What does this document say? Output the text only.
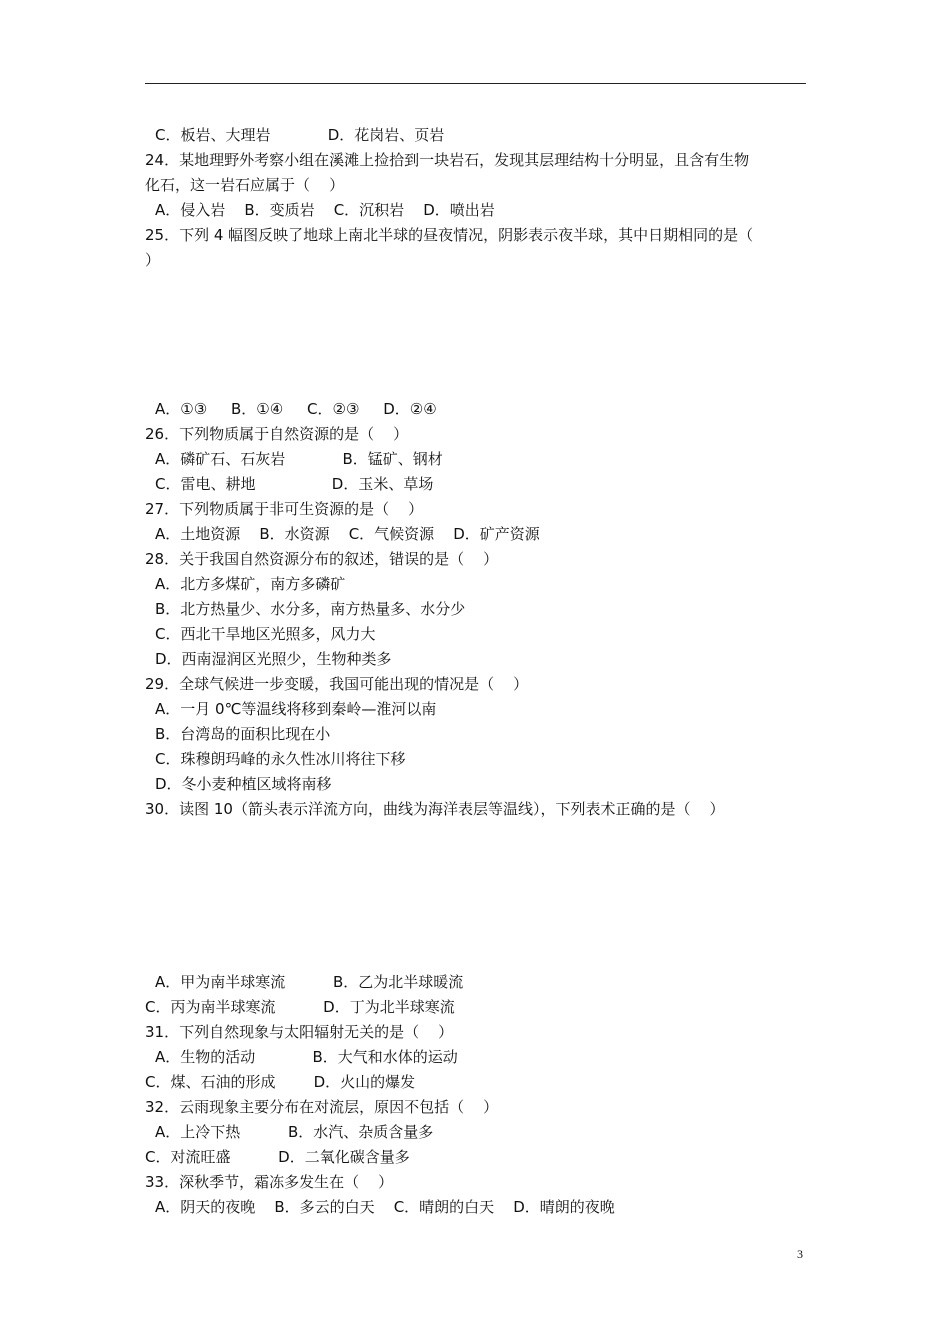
C．板岩、大理岩            D．花岗岩、页岩
24．某地理野外考察小组在溪滩上捡拾到一块岩石，发现其层理结构十分明显，且含有生物
化石，这一岩石应属于（    ）
A．侵入岩    B．变质岩    C．沉积岩    D．喷出岩
25．下列 4 幅图反映了地球上南北半球的昼夜情况，阴影表示夜半球，其中日期相同的是（
）
A．①③     B．①④     C．②③     D．②④
26．下列物质属于自然资源的是（    ）
A．磷矿石、石灰岩            B．锰矿、钢材
C．雷电、耕地                D．玉米、草场
27．下列物质属于非可生资源的是（    ）
A．土地资源    B．水资源    C．气候资源    D．矿产资源
28．关于我国自然资源分布的叙述，错误的是（    ）
A．北方多煤矿，南方多磷矿
B．北方热量少、水分多，南方热量多、水分少
C．西北干旱地区光照多，风力大
D．西南湿润区光照少，生物种类多
29．全球气候进一步变暖，我国可能出现的情况是（    ）
A．一月 0℃等温线将移到秦岭—淮河以南
B．台湾岛的面积比现在小
C．珠穆朗玛峰的永久性冰川将往下移
D．冬小麦种植区域将南移
30．读图 10（箭头表示洋流方向，曲线为海洋表层等温线），下列表术正确的是（    ）
A．甲为南半球寒流          B．乙为北半球暖流
C．丙为南半球寒流          D．丁为北半球寒流
31．下列自然现象与太阳辐射无关的是（    ）
A．生物的活动            B．大气和水体的运动
C．煤、石油的形成        D．火山的爆发
32．云雨现象主要分布在对流层，原因不包括（    ）
A．上冷下热          B．水汽、杂质含量多
C．对流旺盛          D．二氧化碳含量多
33．深秋季节，霜冻多发生在（    ）
A．阴天的夜晚    B．多云的白天    C．晴朗的白天    D．晴朗的夜晚
3
